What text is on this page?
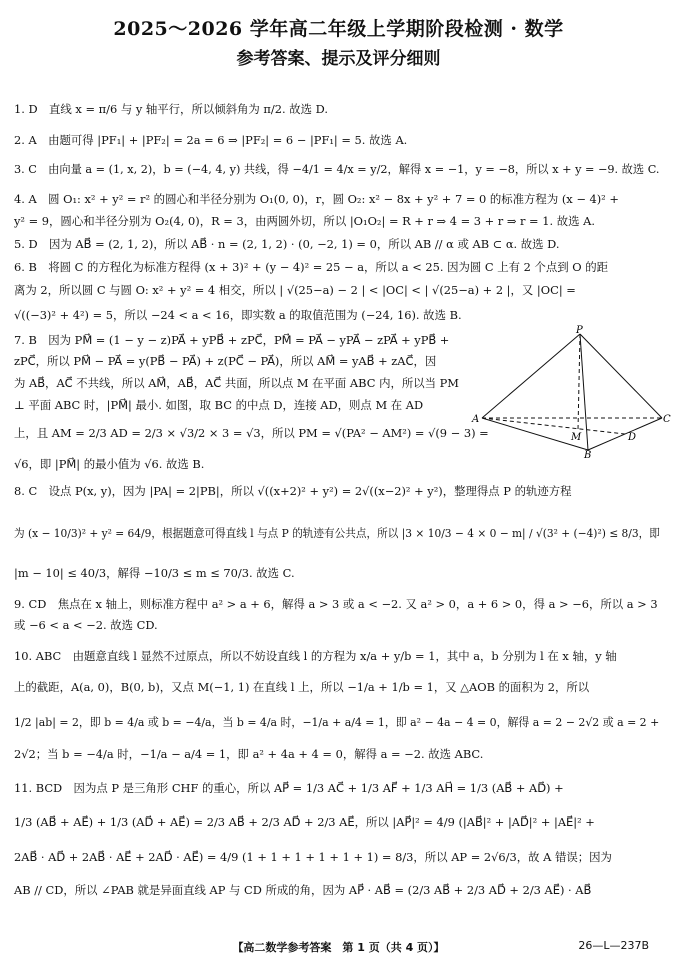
2025～2026 学年高二年级上学期阶段检测 · 数学
参考答案、提示及评分细则
1. D　直线 x = π/6 与 y 轴平行，所以倾斜角为 π/2. 故选 D.
2. A　由题可得 |PF₁| + |PF₂| = 2a = 6 ⇒ |PF₂| = 6 − |PF₁| = 5. 故选 A.
3. C　由向量 a = (1, x, 2)，b = (−4, 4, y) 共线，得 −4/1 = 4/x = y/2，解得 x = −1，y = −8，所以 x + y = −9. 故选 C.
4. A　圆 O₁: x² + y² = r² 的圆心和半径分别为 O₁(0, 0)，r，圆 O₂: x² − 8x + y² + 7 = 0 的标准方程为 (x − 4)² +
y² = 9，圆心和半径分别为 O₂(4, 0)，R = 3，由两圆外切，所以 |O₁O₂| = R + r ⇒ 4 = 3 + r ⇒ r = 1. 故选 A.
5. D　因为 AB⃗ = (2, 1, 2)，所以 AB⃗ · n = (2, 1, 2) · (0, −2, 1) = 0，所以 AB // α 或 AB ⊂ α. 故选 D.
6. B　将圆 C 的方程化为标准方程得 (x + 3)² + (y − 4)² = 25 − a，所以 a < 25. 因为圆 C 上有 2 个点到 O 的距
离为 2，所以圆 C 与圆 O: x² + y² = 4 相交，所以 | √(25−a) − 2 | < |OC| < | √(25−a) + 2 |，又 |OC| =
√((−3)² + 4²) = 5，所以 −24 < a < 16，即实数 a 的取值范围为 (−24, 16). 故选 B.
7. B　因为 PM⃗ = (1 − y − z)PA⃗ + yPB⃗ + zPC⃗，PM⃗ = PA⃗ − yPA⃗ − zPA⃗ + yPB⃗ +
zPC⃗，所以 PM⃗ − PA⃗ = y(PB⃗ − PA⃗) + z(PC⃗ − PA⃗)，所以 AM⃗ = yAB⃗ + zAC⃗，因
为 AB⃗，AC⃗ 不共线，所以 AM⃗，AB⃗，AC⃗ 共面，所以点 M 在平面 ABC 内，所以当 PM
⊥ 平面 ABC 时，|PM⃗| 最小. 如图，取 BC 的中点 D，连接 AD，则点 M 在 AD
上，且 AM = 2/3 AD = 2/3 × √3/2 × 3 = √3，所以 PM = √(PA² − AM²) = √(9 − 3) =
√6，即 |PM⃗| 的最小值为 √6. 故选 B.
P
A
B
C
D
M
8. C　设点 P(x, y)，因为 |PA| = 2|PB|，所以 √((x+2)² + y²) = 2√((x−2)² + y²)，整理得点 P 的轨迹方程
为 (x − 10/3)² + y² = 64/9，根据题意可得直线 l 与点 P 的轨迹有公共点，所以 |3 × 10/3 − 4 × 0 − m| / √(3² + (−4)²) ≤ 8/3，即
|m − 10| ≤ 40/3，解得 −10/3 ≤ m ≤ 70/3. 故选 C.
9. CD　焦点在 x 轴上，则标准方程中 a² > a + 6，解得 a > 3 或 a < −2. 又 a² > 0，a + 6 > 0，得 a > −6，所以 a > 3
或 −6 < a < −2. 故选 CD.
10. ABC　由题意直线 l 显然不过原点，所以不妨设直线 l 的方程为 x/a + y/b = 1，其中 a，b 分别为 l 在 x 轴，y 轴
上的截距，A(a, 0)，B(0, b)，又点 M(−1, 1) 在直线 l 上，所以 −1/a + 1/b = 1，又 △AOB 的面积为 2，所以
1/2 |ab| = 2，即 b = 4/a 或 b = −4/a，当 b = 4/a 时，−1/a + a/4 = 1，即 a² − 4a − 4 = 0，解得 a = 2 − 2√2 或 a = 2 +
2√2；当 b = −4/a 时，−1/a − a/4 = 1，即 a² + 4a + 4 = 0，解得 a = −2. 故选 ABC.
11. BCD　因为点 P 是三角形 CHF 的重心，所以 AP⃗ = 1/3 AC⃗ + 1/3 AF⃗ + 1/3 AH⃗ = 1/3 (AB⃗ + AD⃗) +
1/3 (AB⃗ + AE⃗) + 1/3 (AD⃗ + AE⃗) = 2/3 AB⃗ + 2/3 AD⃗ + 2/3 AE⃗，所以 |AP⃗|² = 4/9 (|AB⃗|² + |AD⃗|² + |AE⃗|² +
2AB⃗ · AD⃗ + 2AB⃗ · AE⃗ + 2AD⃗ · AE⃗) = 4/9 (1 + 1 + 1 + 1 + 1 + 1) = 8/3，所以 AP = 2√6/3，故 A 错误；因为
AB // CD，所以 ∠PAB 就是异面直线 AP 与 CD 所成的角，因为 AP⃗ · AB⃗ = (2/3 AB⃗ + 2/3 AD⃗ + 2/3 AE⃗) · AB⃗
【高二数学参考答案　第 1 页（共 4 页）】	26—L—237B
